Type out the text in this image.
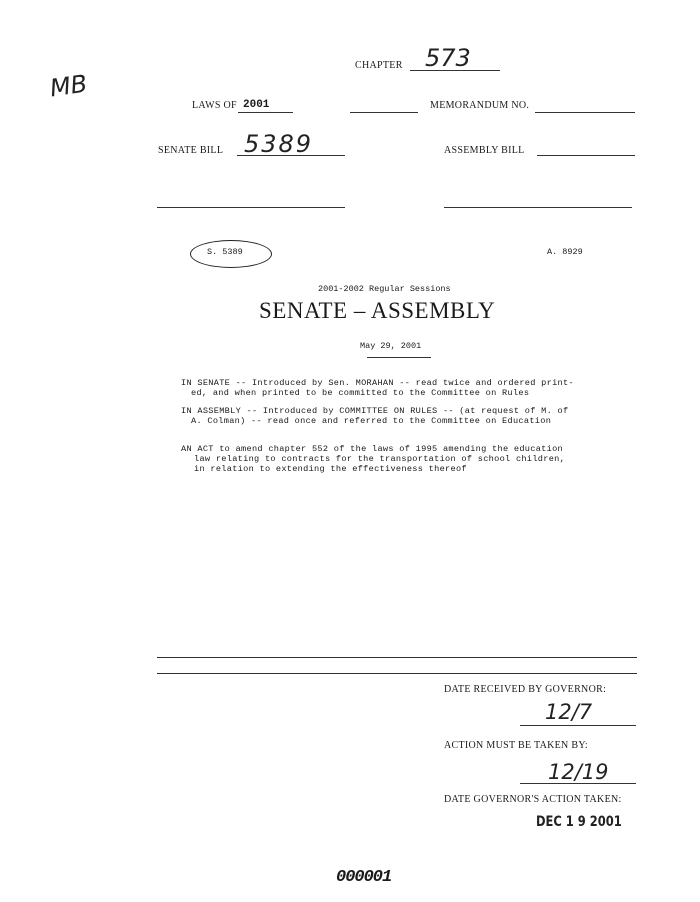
MB
CHAPTER 573
LAWS OF 2001	MEMORANDUM NO.
SENATE BILL 5389	ASSEMBLY BILL
S. 5389	A. 8929
2001-2002 Regular Sessions
SENATE – ASSEMBLY
May 29, 2001
IN SENATE -- Introduced by Sen. MORAHAN -- read twice and ordered print-
ed, and when printed to be committed to the Committee on Rules
IN ASSEMBLY -- Introduced by COMMITTEE ON RULES -- (at request of M. of
A. Colman) -- read once and referred to the Committee on Education
AN ACT to amend chapter 552 of the laws of 1995 amending the education
law relating to contracts for the transportation of school children,
in relation to extending the effectiveness thereof
DATE RECEIVED BY GOVERNOR:
12/7
ACTION MUST BE TAKEN BY:
12/19
DATE GOVERNOR'S ACTION TAKEN:
DEC 1 9 2001
000001
